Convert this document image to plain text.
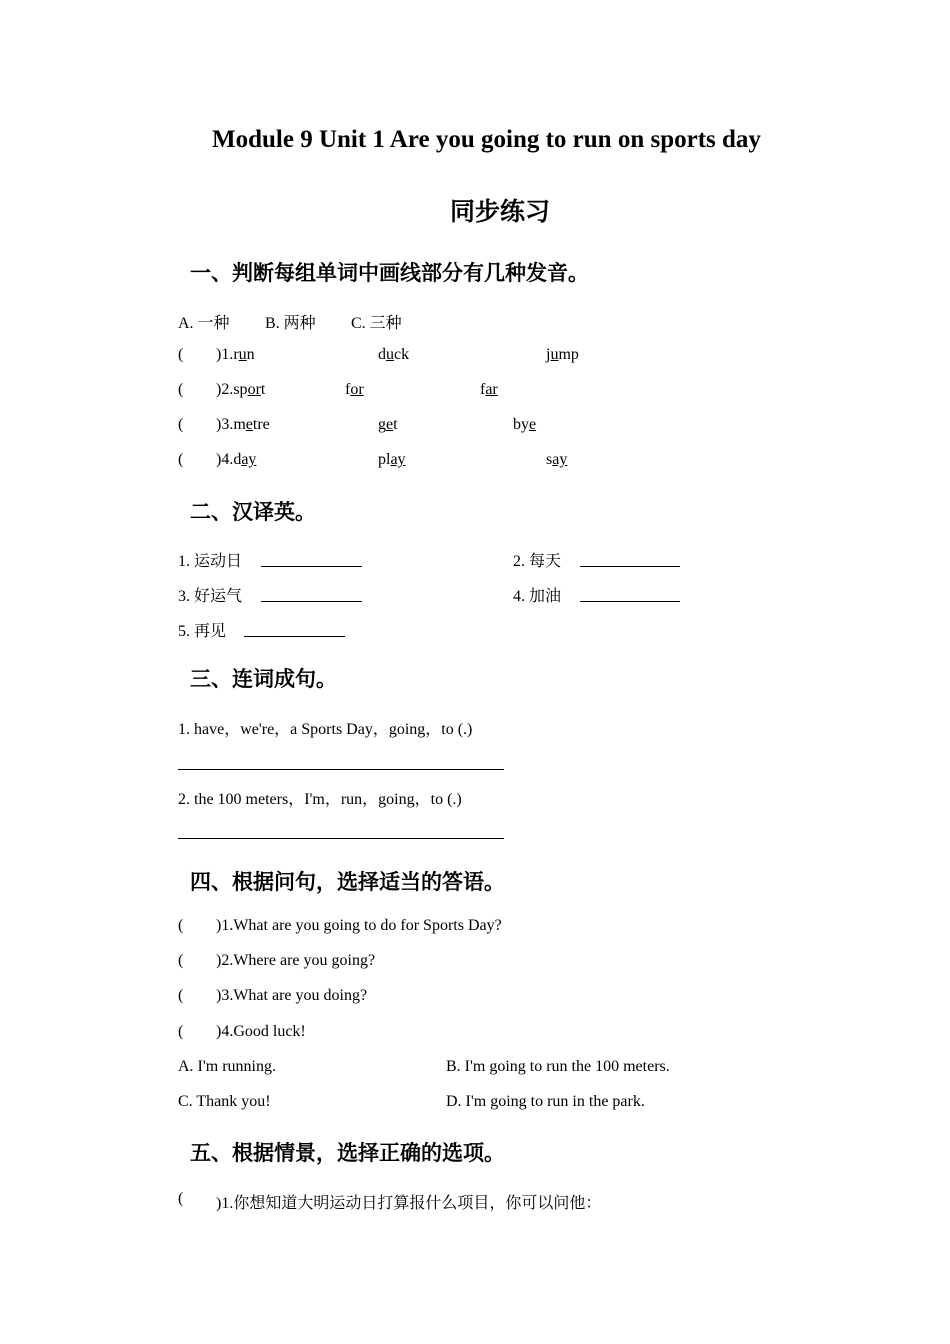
Module 9 Unit 1 Are you going to run on sports day
同步练习
一、判断每组单词中画线部分有几种发音。
A. 一种 B. 两种 C. 三种
( )1.run	duck	jump
( )2.sport	for	far
( )3.metre	get	bye
( )4.day	play	say
二、汉译英。
1. 运动日	2. 每天
3. 好运气	4. 加油
5. 再见
三、连词成句。
1. have，we're，a Sports Day，going，to (.)
2. the 100 meters，I'm，run，going，to (.)
四、根据问句，选择适当的答语。
( )1.What are you going to do for Sports Day?
( )2.Where are you going?
( )3.What are you doing?
( )4.Good luck!
A. I'm running.	B. I'm going to run the 100 meters.
C. Thank you!	D. I'm going to run in the park.
五、根据情景，选择正确的选项。
( )1.你想知道大明运动日打算报什么项目，你可以问他：
